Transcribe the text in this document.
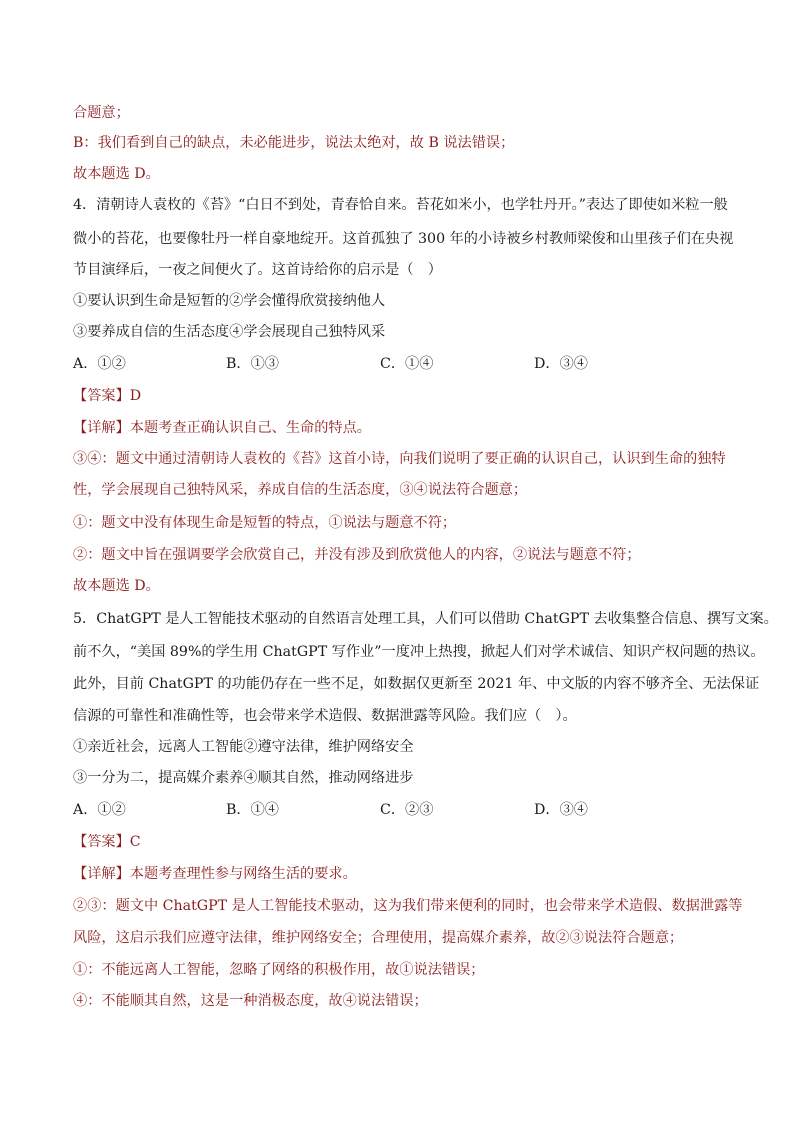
合题意；
B：我们看到自己的缺点，未必能进步，说法太绝对，故 B 说法错误；
故本题选 D。
4．清朝诗人袁枚的《苔》“白日不到处，青春恰自来。苔花如米小，也学牡丹开。”表达了即使如米粒一般
微小的苔花，也要像牡丹一样自豪地绽开。这首孤独了 300 年的小诗被乡村教师梁俊和山里孩子们在央视
节目演绎后，一夜之间便火了。这首诗给你的启示是（　）
①要认识到生命是短暂的②学会懂得欣赏接纳他人
③要养成自信的生活态度④学会展现自己独特风采
A．①②	B．①③	C．①④	D．③④
【答案】D
【详解】本题考查正确认识自己、生命的特点。
③④：题文中通过清朝诗人袁枚的《苔》这首小诗，向我们说明了要正确的认识自己，认识到生命的独特
性，学会展现自己独特风采，养成自信的生活态度，③④说法符合题意；
①：题文中没有体现生命是短暂的特点，①说法与题意不符；
②：题文中旨在强调要学会欣赏自己，并没有涉及到欣赏他人的内容，②说法与题意不符；
故本题选 D。
5．ChatGPT 是人工智能技术驱动的自然语言处理工具，人们可以借助 ChatGPT 去收集整合信息、撰写文案。
前不久，“美国 89%的学生用 ChatGPT 写作业”一度冲上热搜，掀起人们对学术诚信、知识产权问题的热议。
此外，目前 ChatGPT 的功能仍存在一些不足，如数据仅更新至 2021 年、中文版的内容不够齐全、无法保证
信源的可靠性和准确性等，也会带来学术造假、数据泄露等风险。我们应（　）。
①亲近社会，远离人工智能②遵守法律，维护网络安全
③一分为二，提高媒介素养④顺其自然，推动网络进步
A．①②	B．①④	C．②③	D．③④
【答案】C
【详解】本题考查理性参与网络生活的要求。
②③：题文中 ChatGPT 是人工智能技术驱动，这为我们带来便利的同时，也会带来学术造假、数据泄露等
风险，这启示我们应遵守法律，维护网络安全；合理使用，提高媒介素养，故②③说法符合题意；
①：不能远离人工智能，忽略了网络的积极作用，故①说法错误；
④：不能顺其自然，这是一种消极态度，故④说法错误；
